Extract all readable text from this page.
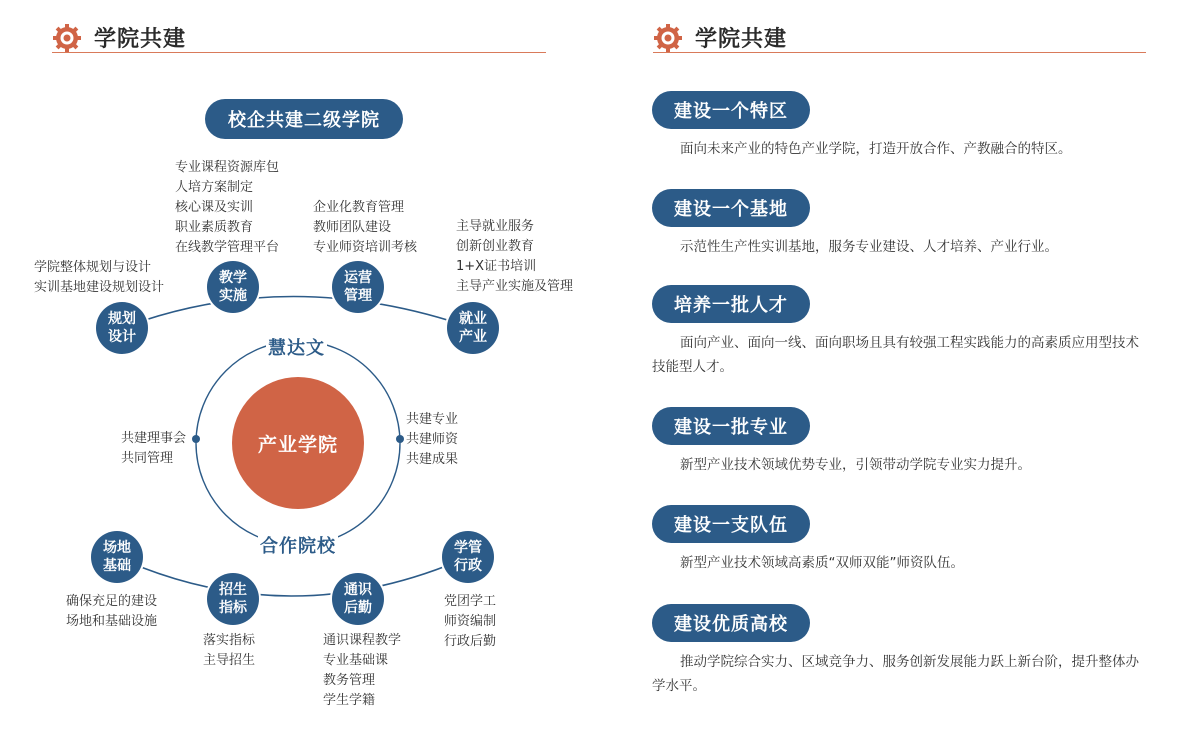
学院共建	学院共建
校企共建二级学院
慧达文
合作院校
产业学院
规划
设计
教学
实施
运营
管理
就业
产业
场地
基础
招生
指标
通识
后勤
学管
行政
学院整体规划与设计
实训基地建设规划设计
专业课程资源库包
人培方案制定
核心课及实训
职业素质教育
在线教学管理平台
企业化教育管理
教师团队建设
专业师资培训考核
主导就业服务
创新创业教育
1+X证书培训
主导产业实施及管理
共建理事会
共同管理
共建专业
共建师资
共建成果
确保充足的建设
场地和基础设施
落实指标
主导招生
通识课程教学
专业基础课
教务管理
学生学籍
党团学工
师资编制
行政后勤
建设一个特区
面向未来产业的特色产业学院，打造开放合作、产教融合的特区。
建设一个基地
示范性生产性实训基地，服务专业建设、人才培养、产业行业。
培养一批人才
面向产业、面向一线、面向职场且具有较强工程实践能力的高素质应用型技术技能型人才。
建设一批专业
新型产业技术领域优势专业，引领带动学院专业实力提升。
建设一支队伍
新型产业技术领域高素质“双师双能”师资队伍。
建设优质高校
推动学院综合实力、区域竞争力、服务创新发展能力跃上新台阶，提升整体办学水平。
